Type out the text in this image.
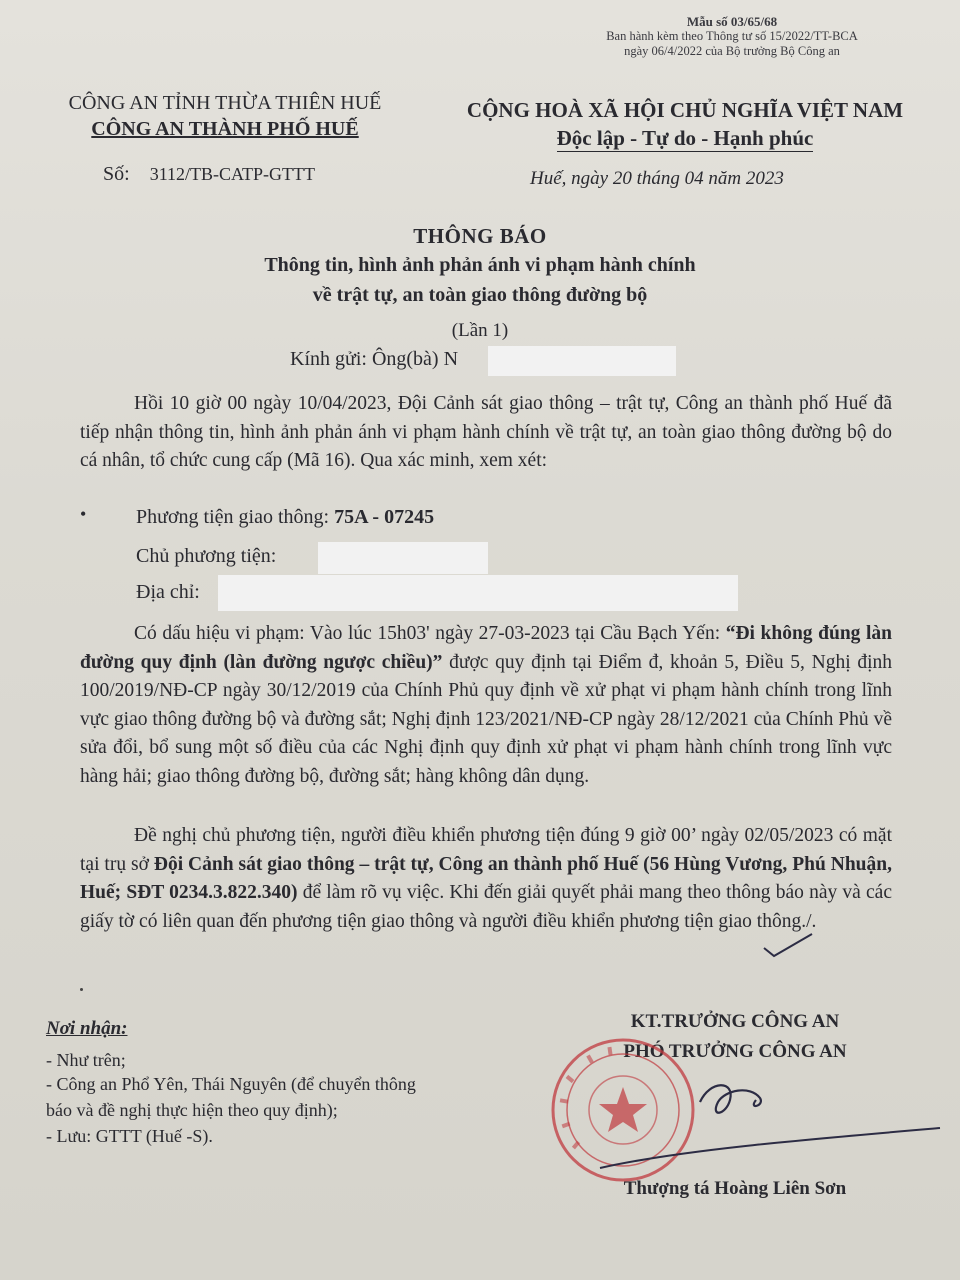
Mẫu số 03/65/68
Ban hành kèm theo Thông tư số 15/2022/TT-BCA
ngày 06/4/2022 của Bộ trưởng Bộ Công an
CÔNG AN TỈNH THỪA THIÊN HUẾ
CÔNG AN THÀNH PHỐ HUẾ
CỘNG HOÀ XÃ HỘI CHỦ NGHĨA VIỆT NAM
Độc lập - Tự do - Hạnh phúc
Số: 3112/TB-CATP-GTTT	Huế, ngày 20 tháng 04 năm 2023
THÔNG BÁO
Thông tin, hình ảnh phản ánh vi phạm hành chính
về trật tự, an toàn giao thông đường bộ
(Lần 1)
Kính gửi: Ông(bà) N
Hồi 10 giờ 00 ngày 10/04/2023, Đội Cảnh sát giao thông – trật tự, Công an thành phố Huế đã tiếp nhận thông tin, hình ảnh phản ánh vi phạm hành chính về trật tự, an toàn giao thông đường bộ do cá nhân, tổ chức cung cấp (Mã 16). Qua xác minh, xem xét:
• Phương tiện giao thông: 75A - 07245
Chủ phương tiện:
Địa chỉ:
Có dấu hiệu vi phạm: Vào lúc 15h03' ngày 27-03-2023 tại Cầu Bạch Yến: “Đi không đúng làn đường quy định (làn đường ngược chiều)” được quy định tại Điểm đ, khoản 5, Điều 5, Nghị định 100/2019/NĐ-CP ngày 30/12/2019 của Chính Phủ quy định về xử phạt vi phạm hành chính trong lĩnh vực giao thông đường bộ và đường sắt; Nghị định 123/2021/NĐ-CP ngày 28/12/2021 của Chính Phủ về sửa đổi, bổ sung một số điều của các Nghị định quy định xử phạt vi phạm hành chính trong lĩnh vực hàng hải; giao thông đường bộ, đường sắt; hàng không dân dụng.
Đề nghị chủ phương tiện, người điều khiển phương tiện đúng 9 giờ 00’ ngày 02/05/2023 có mặt tại trụ sở Đội Cảnh sát giao thông – trật tự, Công an thành phố Huế (56 Hùng Vương, Phú Nhuận, Huế; SĐT 0234.3.822.340) để làm rõ vụ việc. Khi đến giải quyết phải mang theo thông báo này và các giấy tờ có liên quan đến phương tiện giao thông và người điều khiển phương tiện giao thông./.
Nơi nhận:
- Như trên;
- Công an Phổ Yên, Thái Nguyên (để chuyển thông
báo và đề nghị thực hiện theo quy định);
- Lưu: GTTT (Huế -S).
KT.TRƯỞNG CÔNG AN
PHÓ TRƯỞNG CÔNG AN
Thượng tá Hoàng Liên Sơn
